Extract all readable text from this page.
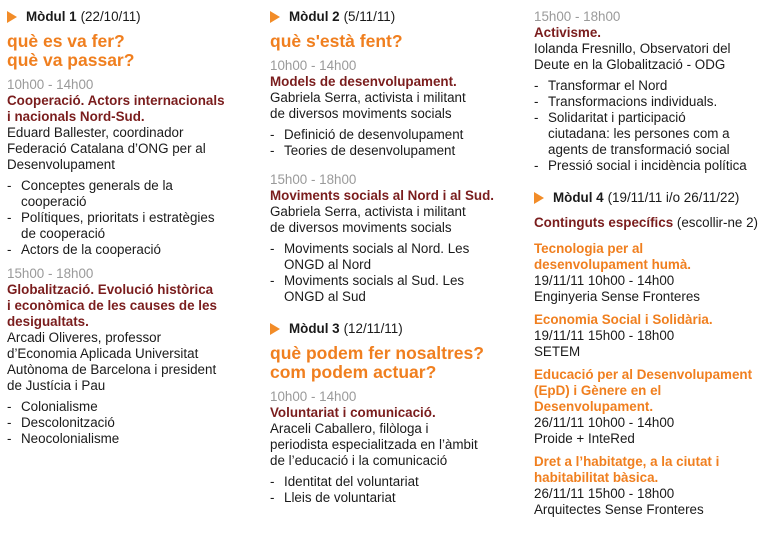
Mòdul 1 (22/10/11)
què es va fer?
què va passar?
10h00 - 14h00
Cooperació. Actors internacionals
i nacionals Nord-Sud.
Eduard Ballester, coordinador
Federació Catalana d’ONG per al
Desenvolupament
- Conceptes generals de la
cooperació
- Polítiques, prioritats i estratègies
de cooperació
- Actors de la cooperació
15h00 - 18h00
Globalització. Evolució històrica
i econòmica de les causes de les
desigualtats.
Arcadi Oliveres, professor
d’Economia Aplicada Universitat
Autònoma de Barcelona i president
de Justícia i Pau
- Colonialisme
- Descolonització
- Neocolonialisme
Mòdul 2 (5/11/11)
què s'està fent?
10h00 - 14h00
Models de desenvolupament.
Gabriela Serra, activista i militant
de diversos moviments socials
- Definició de desenvolupament
- Teories de desenvolupament
15h00 - 18h00
Moviments socials al Nord i al Sud.
Gabriela Serra, activista i militant
de diversos moviments socials
- Moviments socials al Nord. Les
ONGD al Nord
- Moviments socials al Sud. Les
ONGD al Sud
Mòdul 3 (12/11/11)
què podem fer nosaltres?
com podem actuar?
10h00 - 14h00
Voluntariat i comunicació.
Araceli Caballero, filòloga i
periodista especialitzada en l’àmbit
de l’educació i la comunicació
- Identitat del voluntariat
- Lleis de voluntariat
15h00 - 18h00
Activisme.
Iolanda Fresnillo, Observatori del
Deute en la Globalització - ODG
- Transformar el Nord
- Transformacions individuals.
- Solidaritat i participació
ciutadana: les persones com a
agents de transformació social
- Pressió social i incidència política
Mòdul 4 (19/11/11 i/o 26/11/22)
Continguts específics (escollir-ne 2)
Tecnologia per al
desenvolupament humà.
19/11/11 10h00 - 14h00
Enginyeria Sense Fronteres
Economia Social i Solidària.
19/11/11 15h00 - 18h00
SETEM
Educació per al Desenvolupament
(EpD) i Gènere en el
Desenvolupament.
26/11/11 10h00 - 14h00
Proide + InteRed
Dret a l’habitatge, a la ciutat i
habitabilitat bàsica.
26/11/11 15h00 - 18h00
Arquitectes Sense Fronteres
